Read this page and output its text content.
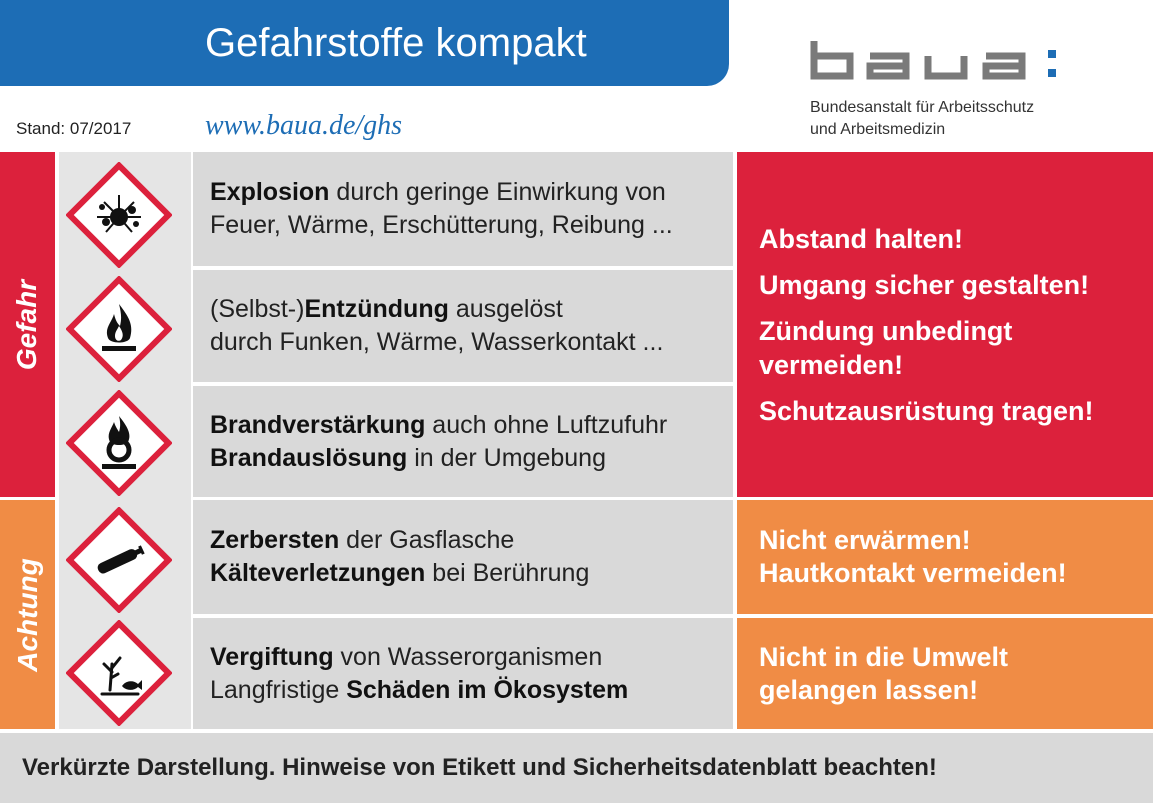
Gefahrstoffe kompakt
Stand: 07/2017	www.baua.de/ghs
Bundesanstalt für Arbeitsschutz
und Arbeitsmedizin
Gefahr
Achtung
Explosion durch geringe Einwirkung von
Feuer, Wärme, Erschütterung, Reibung ...
(Selbst-)Entzündung ausgelöst
durch Funken, Wärme, Wasserkontakt ...
Brandverstärkung auch ohne Luftzufuhr
Brandauslösung in der Umgebung
Zerbersten der Gasflasche
Kälteverletzungen bei Berührung
Vergiftung von Wasserorganismen
Langfristige Schäden im Ökosystem
Abstand halten!
Umgang sicher gestalten!
Zündung unbedingt vermeiden!
Schutzausrüstung tragen!
Nicht erwärmen!
Hautkontakt vermeiden!
Nicht in die Umwelt
gelangen lassen!
Verkürzte Darstellung. Hinweise von Etikett und Sicherheitsdatenblatt beachten!
